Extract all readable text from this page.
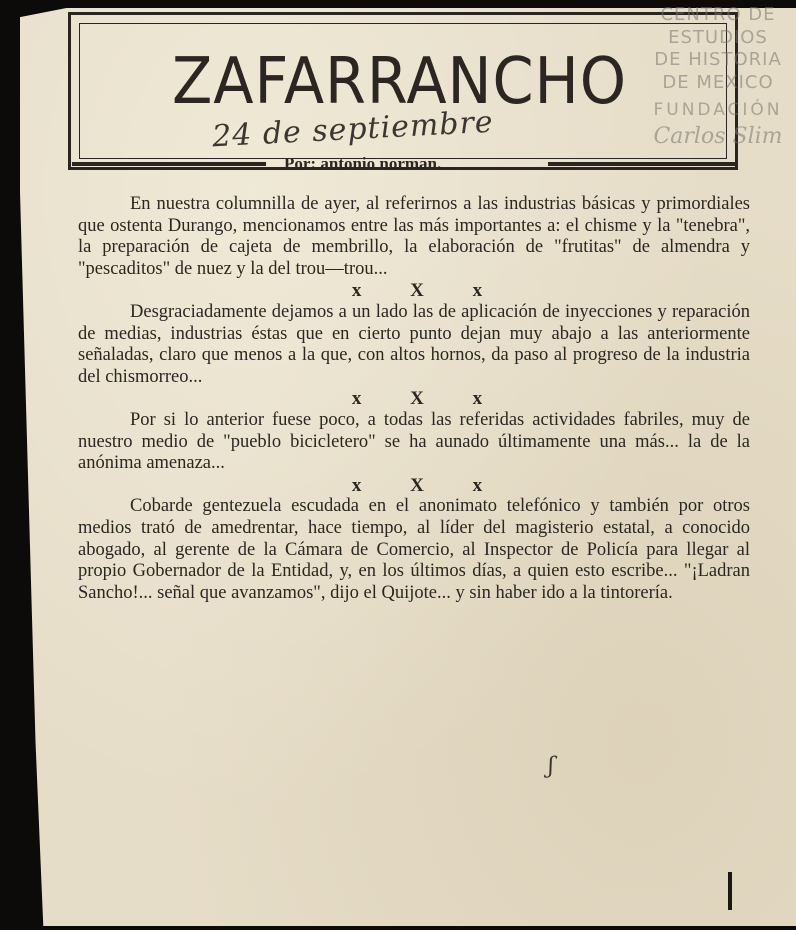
ZAFARRANCHO
24 de septiembre
Por: antonio norman.
CENTRO DE
ESTUDIOS
DE HISTORIA
DE MEXICO
FUNDACIÓN
Carlos Slim

En nuestra columnilla de ayer, al referirnos a las industrias básicas y primordiales que ostenta Durango, mencionamos entre las más importantes a: el chisme y la "tenebra", la preparación de cajeta de membrillo, la elaboración de "frutitas" de almendra y "pescaditos" de nuez y la del trou—trou...

x X x

Desgraciadamente dejamos a un lado las de aplicación de inyecciones y reparación de medias, industrias éstas que en cierto punto dejan muy abajo a las anteriormente señaladas, claro que menos a la que, con altos hornos, da paso al progreso de la industria del chismorreo...

x X x

Por si lo anterior fuese poco, a todas las referidas actividades fabriles, muy de nuestro medio de "pueblo bicicletero" se ha aunado últimamente una más... la de la anónima amenaza...

x X x

Cobarde gentezuela escudada en el anonimato telefónico y también por otros medios trató de amedrentar, hace tiempo, al líder del magisterio estatal, a conocido abogado, al gerente de la Cámara de Comercio, al Inspector de Policía para llegar al propio Gobernador de la Entidad, y, en los últimos días, a quien esto escribe... "¡Ladran Sancho!... señal que avanzamos", dijo el Quijote... y sin haber ido a la tintorería.

ʃ
